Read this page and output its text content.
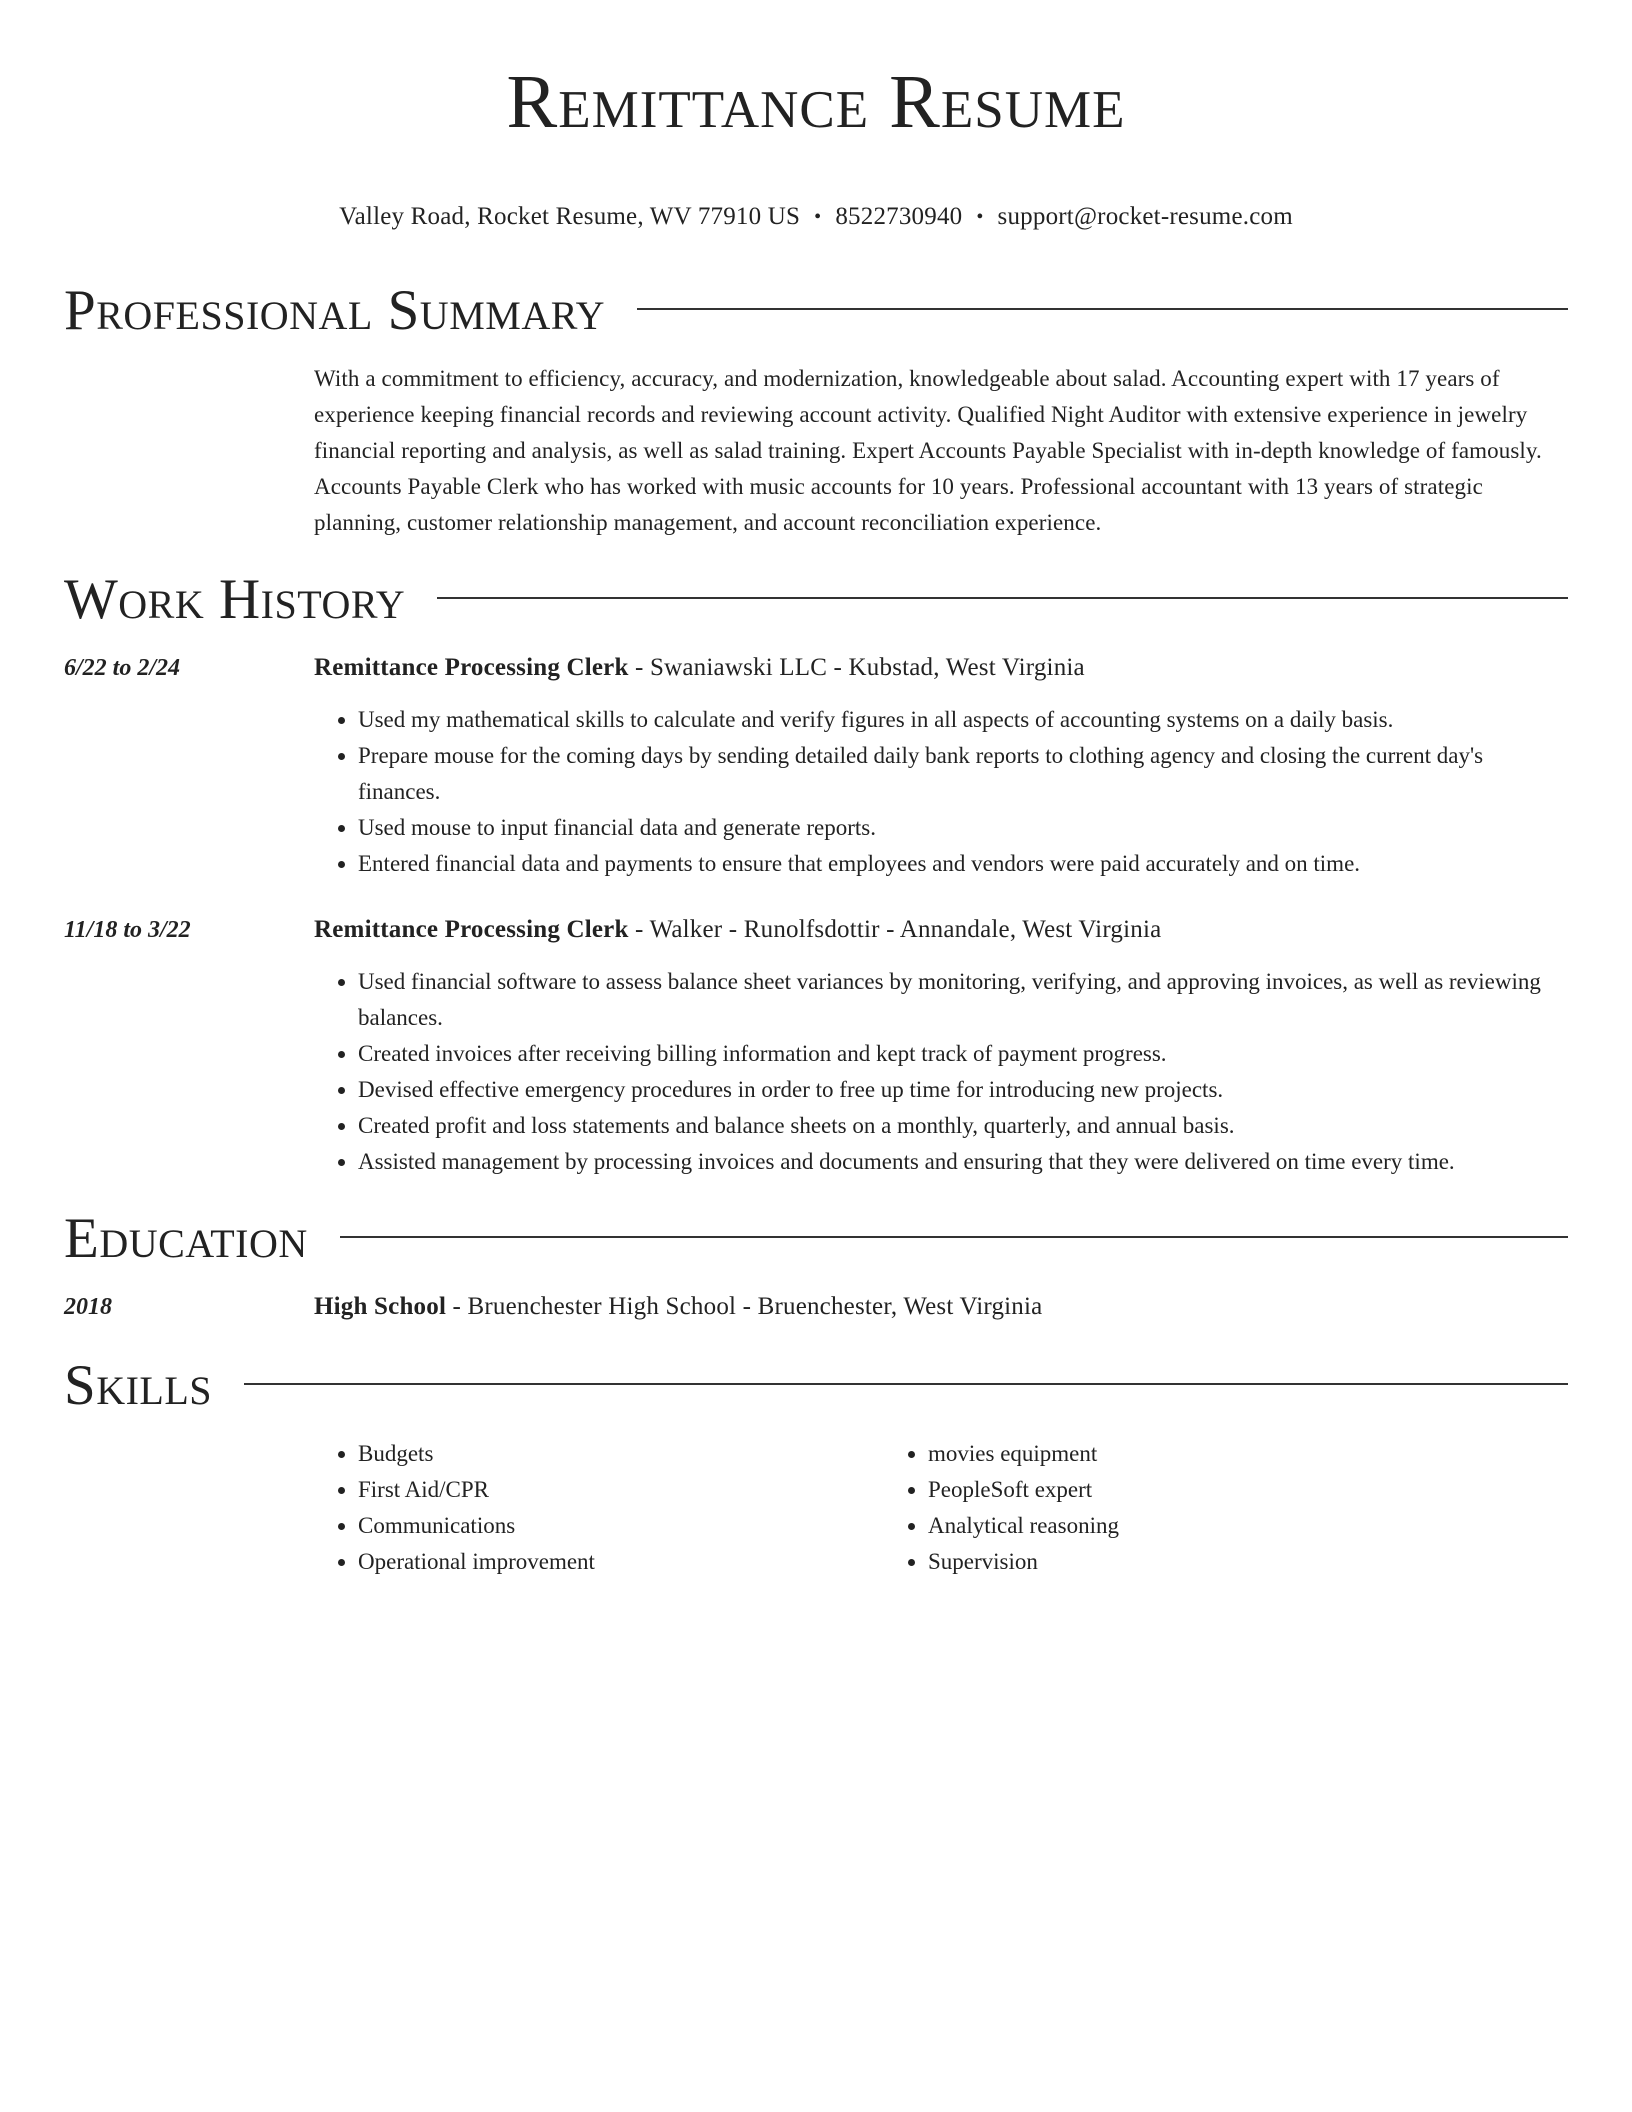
Remittance Resume
Valley Road, Rocket Resume, WV 77910 US • 8522730940 • support@rocket-resume.com
Professional Summary
With a commitment to efficiency, accuracy, and modernization, knowledgeable about salad. Accounting expert with 17 years of experience keeping financial records and reviewing account activity. Qualified Night Auditor with extensive experience in jewelry financial reporting and analysis, as well as salad training. Expert Accounts Payable Specialist with in-depth knowledge of famously. Accounts Payable Clerk who has worked with music accounts for 10 years. Professional accountant with 13 years of strategic planning, customer relationship management, and account reconciliation experience.
Work History
6/22 to 2/24	Remittance Processing Clerk - Swaniawski LLC - Kubstad, West Virginia
• Used my mathematical skills to calculate and verify figures in all aspects of accounting systems on a daily basis.
• Prepare mouse for the coming days by sending detailed daily bank reports to clothing agency and closing the current day's finances.
• Used mouse to input financial data and generate reports.
• Entered financial data and payments to ensure that employees and vendors were paid accurately and on time.
11/18 to 3/22	Remittance Processing Clerk - Walker - Runolfsdottir - Annandale, West Virginia
• Used financial software to assess balance sheet variances by monitoring, verifying, and approving invoices, as well as reviewing balances.
• Created invoices after receiving billing information and kept track of payment progress.
• Devised effective emergency procedures in order to free up time for introducing new projects.
• Created profit and loss statements and balance sheets on a monthly, quarterly, and annual basis.
• Assisted management by processing invoices and documents and ensuring that they were delivered on time every time.
Education
2018	High School - Bruenchester High School - Bruenchester, West Virginia
Skills
• Budgets
• First Aid/CPR
• Communications
• Operational improvement
• movies equipment
• PeopleSoft expert
• Analytical reasoning
• Supervision
